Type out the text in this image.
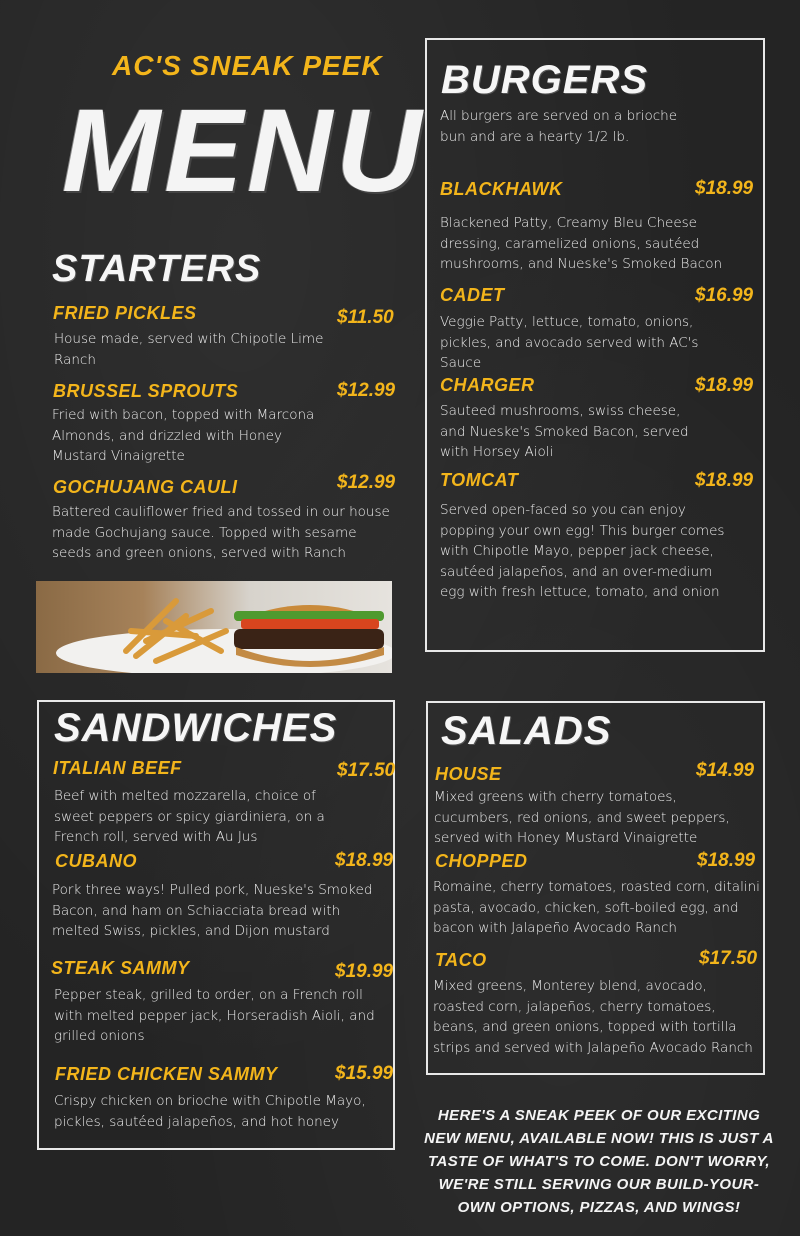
AC'S SNEAK PEEK
MENU
STARTERS
FRIED PICKLES	$11.50
House made, served with Chipotle Lime Ranch
BRUSSEL SPROUTS	$12.99
Fried with bacon, topped with Marcona Almonds, and drizzled with Honey Mustard Vinaigrette
GOCHUJANG CAULI	$12.99
Battered cauliflower fried and tossed in our house made Gochujang sauce. Topped with sesame seeds and green onions, served with Ranch
BURGERS
All burgers are served on a brioche bun and are a hearty 1/2 lb.
BLACKHAWK	$18.99
Blackened Patty, Creamy Bleu Cheese dressing, caramelized onions, sautéed mushrooms, and Nueske's Smoked Bacon
CADET	$16.99
Veggie Patty, lettuce, tomato, onions, pickles, and avocado served with AC's Sauce
CHARGER	$18.99
Sauteed mushrooms, swiss cheese, and Nueske's Smoked Bacon, served with Horsey Aioli
TOMCAT	$18.99
Served open-faced so you can enjoy popping your own egg! This burger comes with Chipotle Mayo, pepper jack cheese, sautéed jalapeños, and an over-medium egg with fresh lettuce, tomato, and onion
SANDWICHES
ITALIAN BEEF	$17.50
Beef with melted mozzarella, choice of sweet peppers or spicy giardiniera, on a French roll, served with Au Jus
CUBANO	$18.99
Pork three ways! Pulled pork, Nueske's Smoked Bacon, and ham on Schiacciata bread with melted Swiss, pickles, and Dijon mustard
STEAK SAMMY	$19.99
Pepper steak, grilled to order, on a French roll with melted pepper jack, Horseradish Aioli, and grilled onions
FRIED CHICKEN SAMMY	$15.99
Crispy chicken on brioche with Chipotle Mayo, pickles, sautéed jalapeños, and hot honey
SALADS
HOUSE	$14.99
Mixed greens with cherry tomatoes, cucumbers, red onions, and sweet peppers, served with Honey Mustard Vinaigrette
CHOPPED	$18.99
Romaine, cherry tomatoes, roasted corn, ditalini pasta, avocado, chicken, soft-boiled egg, and bacon with Jalapeño Avocado Ranch
TACO	$17.50
Mixed greens, Monterey blend, avocado, roasted corn, jalapeños, cherry tomatoes, beans, and green onions, topped with tortilla strips and served with Jalapeño Avocado Ranch
HERE'S A SNEAK PEEK OF OUR EXCITING NEW MENU, AVAILABLE NOW! THIS IS JUST A TASTE OF WHAT'S TO COME. DON'T WORRY, WE'RE STILL SERVING OUR BUILD-YOUR-OWN OPTIONS, PIZZAS, AND WINGS!
